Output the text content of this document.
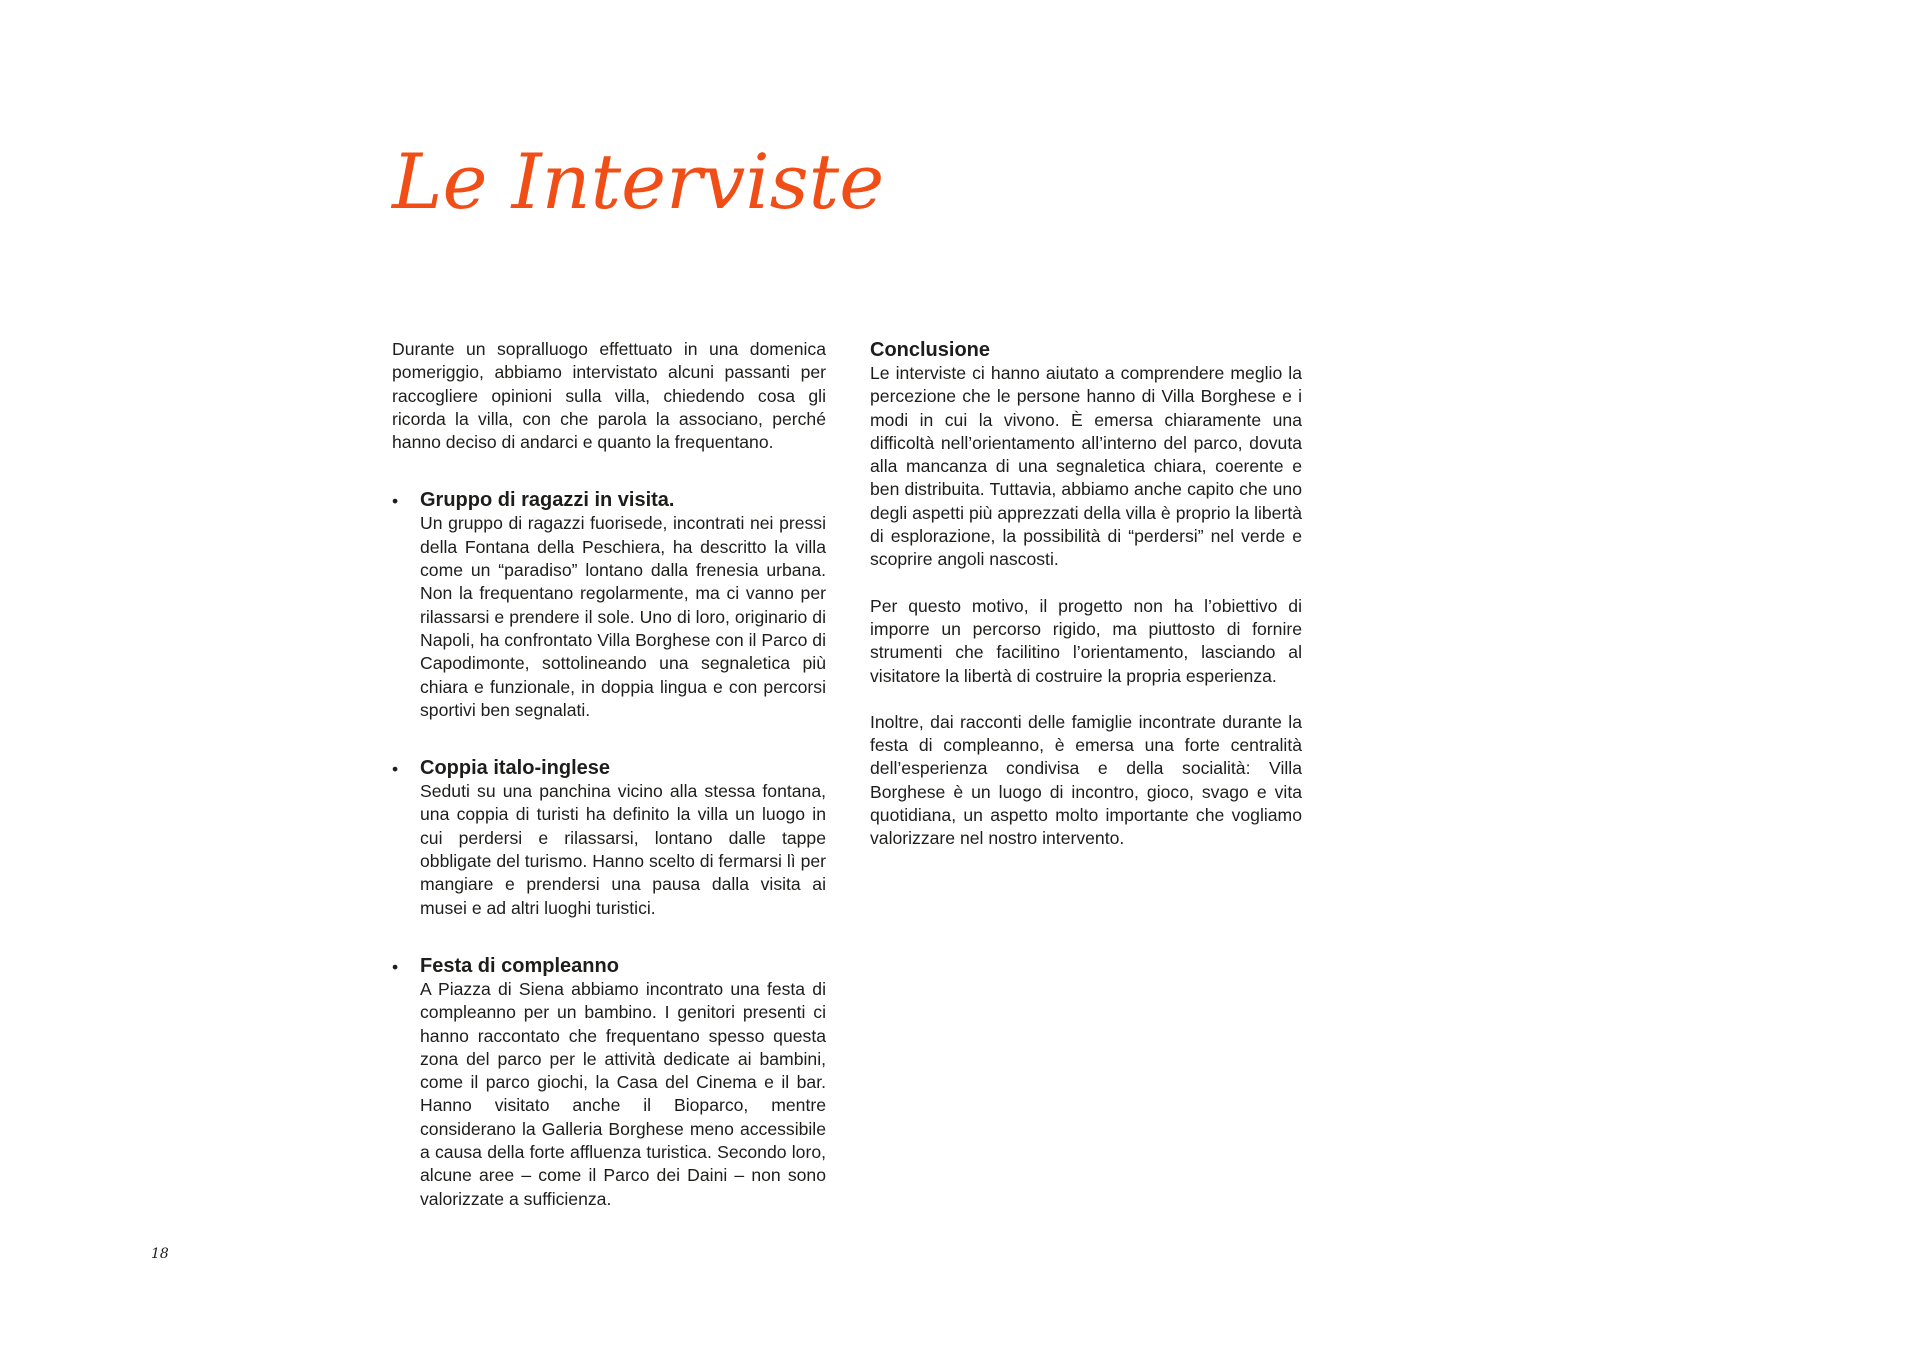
Le Interviste

Durante un sopralluogo effettuato in una domenica pomeriggio, abbiamo intervistato alcuni passanti per raccogliere opinioni sulla villa, chiedendo cosa gli ricorda la villa, con che parola la associano, perché hanno deciso di andarci e quanto la frequentano.

• Gruppo di ragazzi in visita.

Un gruppo di ragazzi fuorisede, incontrati nei pressi della Fontana della Peschiera, ha descritto la villa come un “paradiso” lontano dalla frenesia urbana. Non la frequentano regolarmente, ma ci vanno per rilassarsi e prendere il sole. Uno di loro, originario di Napoli, ha confrontato Villa Borghese con il Parco di Capodimonte, sottolineando una segnaletica più chiara e funzionale, in doppia lingua e con percorsi sportivi ben segnalati.

• Coppia italo-inglese

Seduti su una panchina vicino alla stessa fontana, una coppia di turisti ha definito la villa un luogo in cui perdersi e rilassarsi, lontano dalle tappe obbligate del turismo. Hanno scelto di fermarsi lì per mangiare e prendersi una pausa dalla visita ai musei e ad altri luoghi turistici.

• Festa di compleanno

A Piazza di Siena abbiamo incontrato una festa di compleanno per un bambino. I genitori presenti ci hanno raccontato che frequentano spesso questa zona del parco per le attività dedicate ai bambini, come il parco giochi, la Casa del Cinema e il bar. Hanno visitato anche il Bioparco, mentre considerano la Galleria Borghese meno accessibile a causa della forte affluenza turistica. Secondo loro, alcune aree – come il Parco dei Daini – non sono valorizzate a sufficienza.

Conclusione

Le interviste ci hanno aiutato a comprendere meglio la percezione che le persone hanno di Villa Borghese e i modi in cui la vivono. È emersa chiaramente una difficoltà nell’orientamento all’interno del parco, dovuta alla mancanza di una segnaletica chiara, coerente e ben distribuita. Tuttavia, abbiamo anche capito che uno degli aspetti più apprezzati della villa è proprio la libertà di esplorazione, la possibilità di “perdersi” nel verde e scoprire angoli nascosti.

Per questo motivo, il progetto non ha l’obiettivo di imporre un percorso rigido, ma piuttosto di fornire strumenti che facilitino l’orientamento, lasciando al visitatore la libertà di costruire la propria esperienza.

Inoltre, dai racconti delle famiglie incontrate durante la festa di compleanno, è emersa una forte centralità dell’esperienza condivisa e della socialità: Villa Borghese è un luogo di incontro, gioco, svago e vita quotidiana, un aspetto molto importante che vogliamo valorizzare nel nostro intervento.

18
